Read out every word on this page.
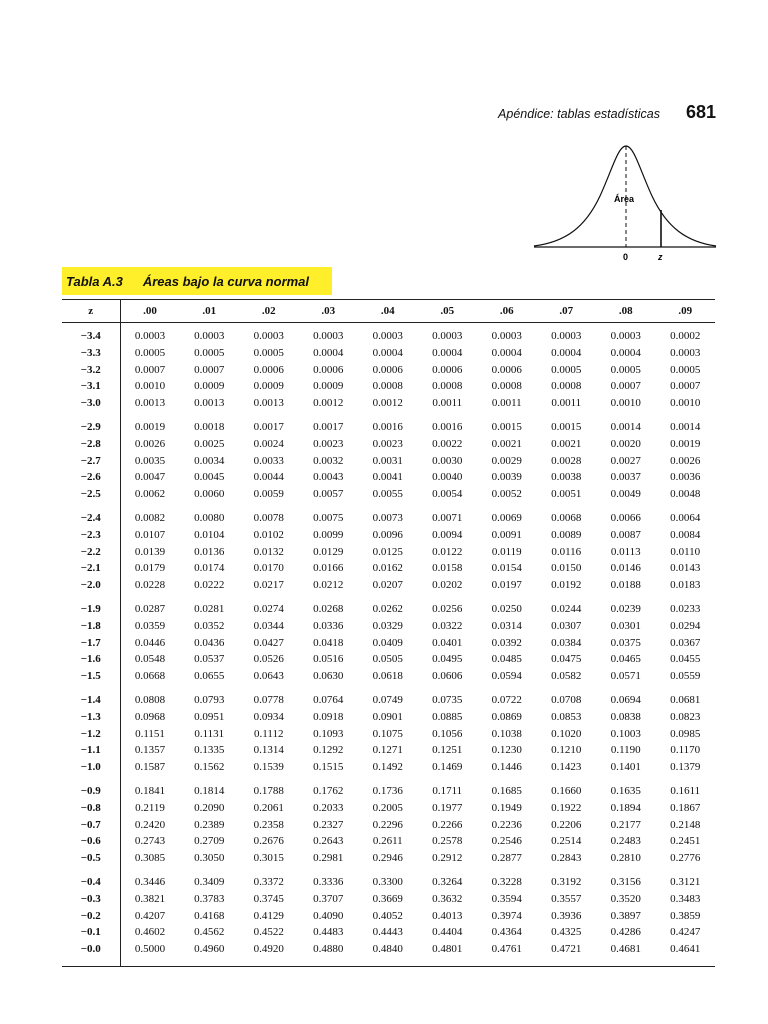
Apéndice: tablas estadísticas 681
Área
0	z
Tabla A.3 Áreas bajo la curva normal
z	.00	.01	.02	.03	.04	.05	.06	.07	.08	.09
−3.4	0.0003	0.0003	0.0003	0.0003	0.0003	0.0003	0.0003	0.0003	0.0003	0.0002
−3.3	0.0005	0.0005	0.0005	0.0004	0.0004	0.0004	0.0004	0.0004	0.0004	0.0003
−3.2	0.0007	0.0007	0.0006	0.0006	0.0006	0.0006	0.0006	0.0005	0.0005	0.0005
−3.1	0.0010	0.0009	0.0009	0.0009	0.0008	0.0008	0.0008	0.0008	0.0007	0.0007
−3.0	0.0013	0.0013	0.0013	0.0012	0.0012	0.0011	0.0011	0.0011	0.0010	0.0010
−2.9	0.0019	0.0018	0.0017	0.0017	0.0016	0.0016	0.0015	0.0015	0.0014	0.0014
−2.8	0.0026	0.0025	0.0024	0.0023	0.0023	0.0022	0.0021	0.0021	0.0020	0.0019
−2.7	0.0035	0.0034	0.0033	0.0032	0.0031	0.0030	0.0029	0.0028	0.0027	0.0026
−2.6	0.0047	0.0045	0.0044	0.0043	0.0041	0.0040	0.0039	0.0038	0.0037	0.0036
−2.5	0.0062	0.0060	0.0059	0.0057	0.0055	0.0054	0.0052	0.0051	0.0049	0.0048
−2.4	0.0082	0.0080	0.0078	0.0075	0.0073	0.0071	0.0069	0.0068	0.0066	0.0064
−2.3	0.0107	0.0104	0.0102	0.0099	0.0096	0.0094	0.0091	0.0089	0.0087	0.0084
−2.2	0.0139	0.0136	0.0132	0.0129	0.0125	0.0122	0.0119	0.0116	0.0113	0.0110
−2.1	0.0179	0.0174	0.0170	0.0166	0.0162	0.0158	0.0154	0.0150	0.0146	0.0143
−2.0	0.0228	0.0222	0.0217	0.0212	0.0207	0.0202	0.0197	0.0192	0.0188	0.0183
−1.9	0.0287	0.0281	0.0274	0.0268	0.0262	0.0256	0.0250	0.0244	0.0239	0.0233
−1.8	0.0359	0.0352	0.0344	0.0336	0.0329	0.0322	0.0314	0.0307	0.0301	0.0294
−1.7	0.0446	0.0436	0.0427	0.0418	0.0409	0.0401	0.0392	0.0384	0.0375	0.0367
−1.6	0.0548	0.0537	0.0526	0.0516	0.0505	0.0495	0.0485	0.0475	0.0465	0.0455
−1.5	0.0668	0.0655	0.0643	0.0630	0.0618	0.0606	0.0594	0.0582	0.0571	0.0559
−1.4	0.0808	0.0793	0.0778	0.0764	0.0749	0.0735	0.0722	0.0708	0.0694	0.0681
−1.3	0.0968	0.0951	0.0934	0.0918	0.0901	0.0885	0.0869	0.0853	0.0838	0.0823
−1.2	0.1151	0.1131	0.1112	0.1093	0.1075	0.1056	0.1038	0.1020	0.1003	0.0985
−1.1	0.1357	0.1335	0.1314	0.1292	0.1271	0.1251	0.1230	0.1210	0.1190	0.1170
−1.0	0.1587	0.1562	0.1539	0.1515	0.1492	0.1469	0.1446	0.1423	0.1401	0.1379
−0.9	0.1841	0.1814	0.1788	0.1762	0.1736	0.1711	0.1685	0.1660	0.1635	0.1611
−0.8	0.2119	0.2090	0.2061	0.2033	0.2005	0.1977	0.1949	0.1922	0.1894	0.1867
−0.7	0.2420	0.2389	0.2358	0.2327	0.2296	0.2266	0.2236	0.2206	0.2177	0.2148
−0.6	0.2743	0.2709	0.2676	0.2643	0.2611	0.2578	0.2546	0.2514	0.2483	0.2451
−0.5	0.3085	0.3050	0.3015	0.2981	0.2946	0.2912	0.2877	0.2843	0.2810	0.2776
−0.4	0.3446	0.3409	0.3372	0.3336	0.3300	0.3264	0.3228	0.3192	0.3156	0.3121
−0.3	0.3821	0.3783	0.3745	0.3707	0.3669	0.3632	0.3594	0.3557	0.3520	0.3483
−0.2	0.4207	0.4168	0.4129	0.4090	0.4052	0.4013	0.3974	0.3936	0.3897	0.3859
−0.1	0.4602	0.4562	0.4522	0.4483	0.4443	0.4404	0.4364	0.4325	0.4286	0.4247
−0.0	0.5000	0.4960	0.4920	0.4880	0.4840	0.4801	0.4761	0.4721	0.4681	0.4641
